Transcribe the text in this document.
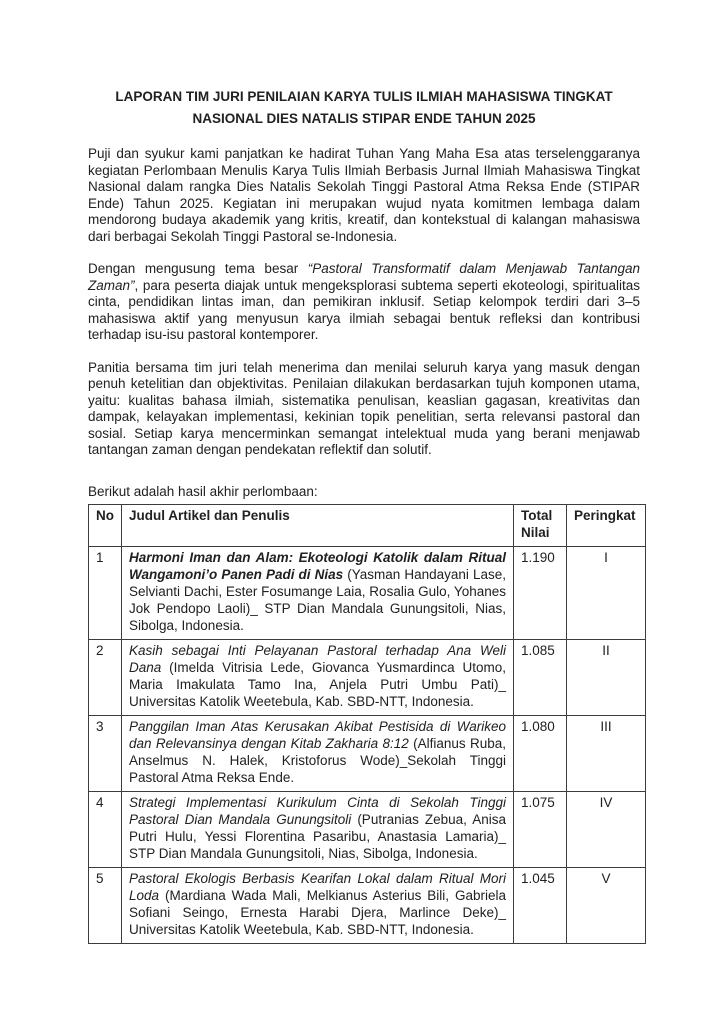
LAPORAN TIM JURI PENILAIAN KARYA TULIS ILMIAH MAHASISWA TINGKAT NASIONAL DIES NATALIS STIPAR ENDE TAHUN 2025

Puji dan syukur kami panjatkan ke hadirat Tuhan Yang Maha Esa atas terselenggaranya kegiatan Perlombaan Menulis Karya Tulis Ilmiah Berbasis Jurnal Ilmiah Mahasiswa Tingkat Nasional dalam rangka Dies Natalis Sekolah Tinggi Pastoral Atma Reksa Ende (STIPAR Ende) Tahun 2025. Kegiatan ini merupakan wujud nyata komitmen lembaga dalam mendorong budaya akademik yang kritis, kreatif, dan kontekstual di kalangan mahasiswa dari berbagai Sekolah Tinggi Pastoral se-Indonesia.

Dengan mengusung tema besar “Pastoral Transformatif dalam Menjawab Tantangan Zaman”, para peserta diajak untuk mengeksplorasi subtema seperti ekoteologi, spiritualitas cinta, pendidikan lintas iman, dan pemikiran inklusif. Setiap kelompok terdiri dari 3–5 mahasiswa aktif yang menyusun karya ilmiah sebagai bentuk refleksi dan kontribusi terhadap isu-isu pastoral kontemporer.

Panitia bersama tim juri telah menerima dan menilai seluruh karya yang masuk dengan penuh ketelitian dan objektivitas. Penilaian dilakukan berdasarkan tujuh komponen utama, yaitu: kualitas bahasa ilmiah, sistematika penulisan, keaslian gagasan, kreativitas dan dampak, kelayakan implementasi, kekinian topik penelitian, serta relevansi pastoral dan sosial. Setiap karya mencerminkan semangat intelektual muda yang berani menjawab tantangan zaman dengan pendekatan reflektif dan solutif.

Berikut adalah hasil akhir perlombaan:

No	Judul Artikel dan Penulis	Total Nilai	Peringkat
1	Harmoni Iman dan Alam: Ekoteologi Katolik dalam Ritual Wangamoni’o Panen Padi di Nias (Yasman Handayani Lase, Selvianti Dachi, Ester Fosumange Laia, Rosalia Gulo, Yohanes Jok Pendopo Laoli)_ STP Dian Mandala Gunungsitoli, Nias, Sibolga, Indonesia.	1.190	I
2	Kasih sebagai Inti Pelayanan Pastoral terhadap Ana Weli Dana (Imelda Vitrisia Lede, Giovanca Yusmardinca Utomo, Maria Imakulata Tamo Ina, Anjela Putri Umbu Pati)_ Universitas Katolik Weetebula, Kab. SBD-NTT, Indonesia.	1.085	II
3	Panggilan Iman Atas Kerusakan Akibat Pestisida di Warikeo dan Relevansinya dengan Kitab Zakharia 8:12 (Alfianus Ruba, Anselmus N. Halek, Kristoforus Wode)_Sekolah Tinggi Pastoral Atma Reksa Ende.	1.080	III
4	Strategi Implementasi Kurikulum Cinta di Sekolah Tinggi Pastoral Dian Mandala Gunungsitoli (Putranias Zebua, Anisa Putri Hulu, Yessi Florentina Pasaribu, Anastasia Lamaria)_ STP Dian Mandala Gunungsitoli, Nias, Sibolga, Indonesia.	1.075	IV
5	Pastoral Ekologis Berbasis Kearifan Lokal dalam Ritual Mori Loda (Mardiana Wada Mali, Melkianus Asterius Bili, Gabriela Sofiani Seingo, Ernesta Harabi Djera, Marlince Deke)_ Universitas Katolik Weetebula, Kab. SBD-NTT, Indonesia.	1.045	V
